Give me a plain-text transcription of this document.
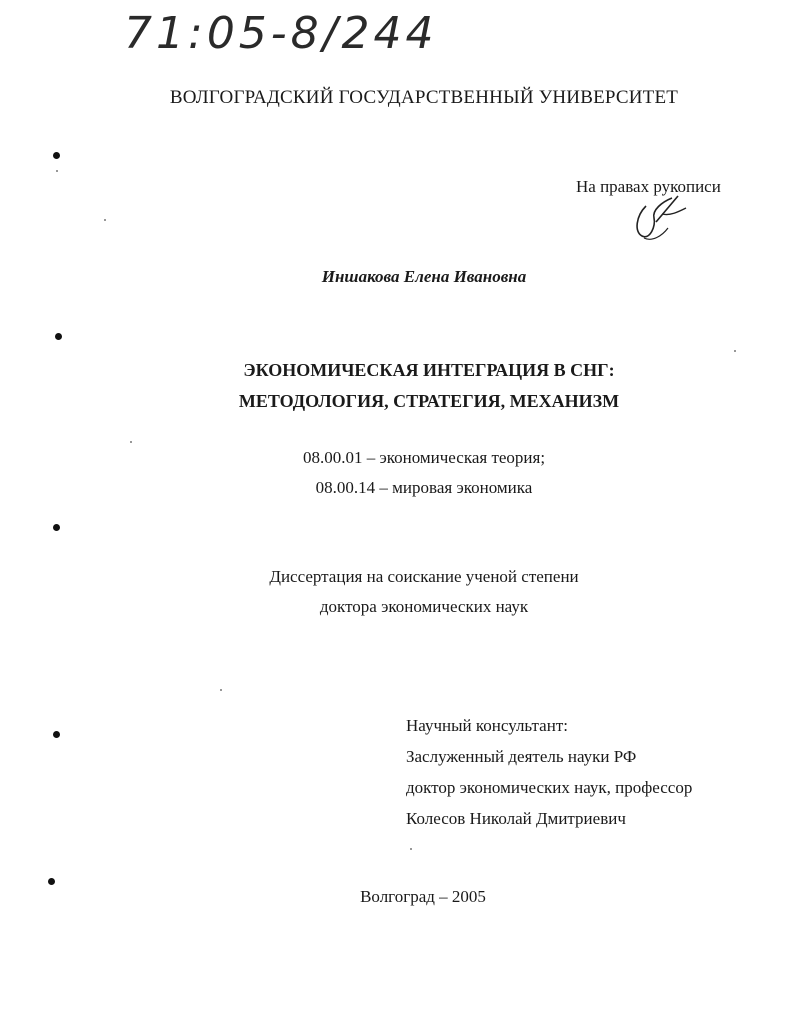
71:05-8/244
ВОЛГОГРАДСКИЙ ГОСУДАРСТВЕННЫЙ УНИВЕРСИТЕТ
На правах рукописи
Иншакова Елена Ивановна
ЭКОНОМИЧЕСКАЯ ИНТЕГРАЦИЯ В СНГ:
МЕТОДОЛОГИЯ, СТРАТЕГИЯ, МЕХАНИЗМ
08.00.01 – экономическая теория;
08.00.14 – мировая экономика
Диссертация на соискание ученой степени
доктора экономических наук
Научный консультант:
Заслуженный деятель науки РФ
доктор экономических наук, профессор
Колесов Николай Дмитриевич
Волгоград – 2005
